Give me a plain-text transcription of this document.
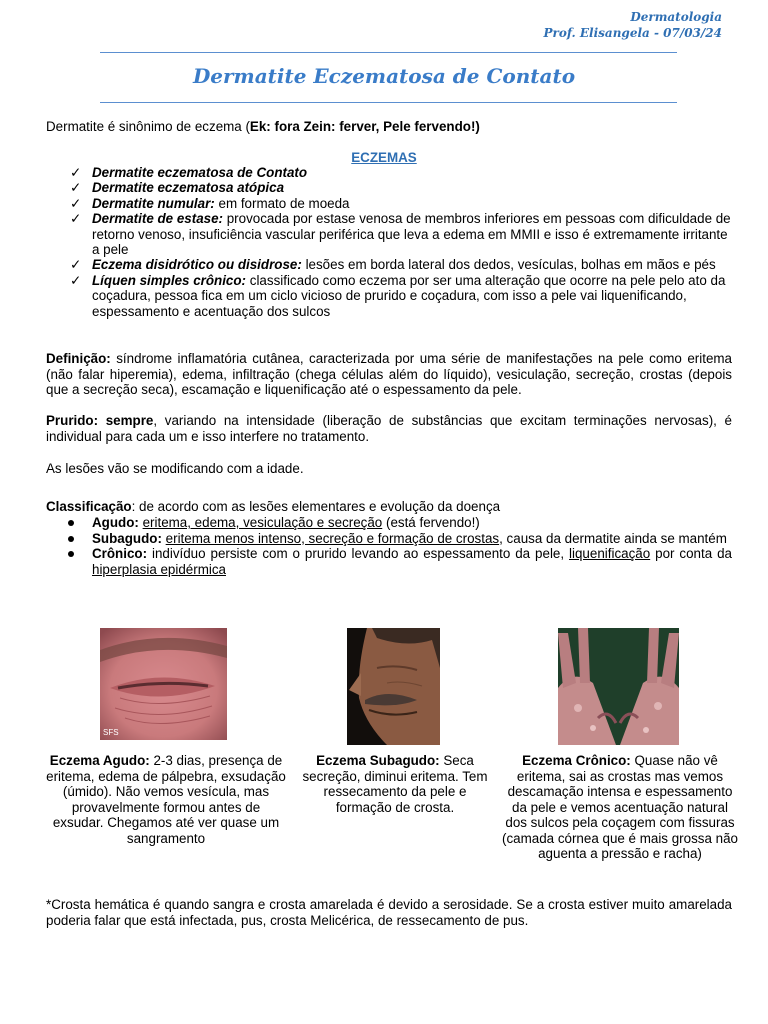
Dermatologia
Prof. Elisangela - 07/03/24
Dermatite Eczematosa de Contato

Dermatite é sinônimo de eczema (Ek: fora Zein: ferver, Pele fervendo!)

ECZEMAS
✓ Dermatite eczematosa de Contato
✓ Dermatite eczematosa atópica
✓ Dermatite numular: em formato de moeda
✓ Dermatite de estase: provocada por estase venosa de membros inferiores em pessoas com dificuldade de retorno venoso, insuficiência vascular periférica que leva a edema em MMII e isso é extremamente irritante a pele
✓ Eczema disidrótico ou disidrose: lesões em borda lateral dos dedos, vesículas, bolhas em mãos e pés
✓ Líquen simples crônico: classificado como eczema por ser uma alteração que ocorre na pele pelo ato da coçadura, pessoa fica em um ciclo vicioso de prurido e coçadura, com isso a pele vai liquenificando, espessamento e acentuação dos sulcos

Definição: síndrome inflamatória cutânea, caracterizada por uma série de manifestações na pele como eritema (não falar hiperemia), edema, infiltração (chega células além do líquido), vesiculação, secreção, crostas (depois que a secreção seca), escamação e liquenificação até o espessamento da pele.

Prurido: sempre, variando na intensidade (liberação de substâncias que excitam terminações nervosas), é individual para cada um e isso interfere no tratamento.

As lesões vão se modificando com a idade.

Classificação: de acordo com as lesões elementares e evolução da doença

Agudo: eritema, edema, vesiculação e secreção (está fervendo!)
Subagudo: eritema menos intenso, secreção e formação de crostas, causa da dermatite ainda se mantém
Crônico: indivíduo persiste com o prurido levando ao espessamento da pele, liquenificação por conta da hiperplasia epidérmica
SFS
Eczema Agudo: 2-3 dias, presença de eritema, edema de pálpebra, exsudação (úmido). Não vemos vesícula, mas provavelmente formou antes de exsudar. Chegamos até ver quase um sangramento
Eczema Subagudo: Seca secreção, diminui eritema. Tem ressecamento da pele e formação de crosta.
Eczema Crônico: Quase não vê eritema, sai as crostas mas vemos descamação intensa e espessamento da pele e vemos acentuação natural dos sulcos pela coçagem com fissuras (camada córnea que é mais grossa não aguenta a pressão e racha)

*Crosta hemática é quando sangra e crosta amarelada é devido a serosidade. Se a crosta estiver muito amarelada poderia falar que está infectada, pus, crosta Melicérica, de ressecamento de pus.
